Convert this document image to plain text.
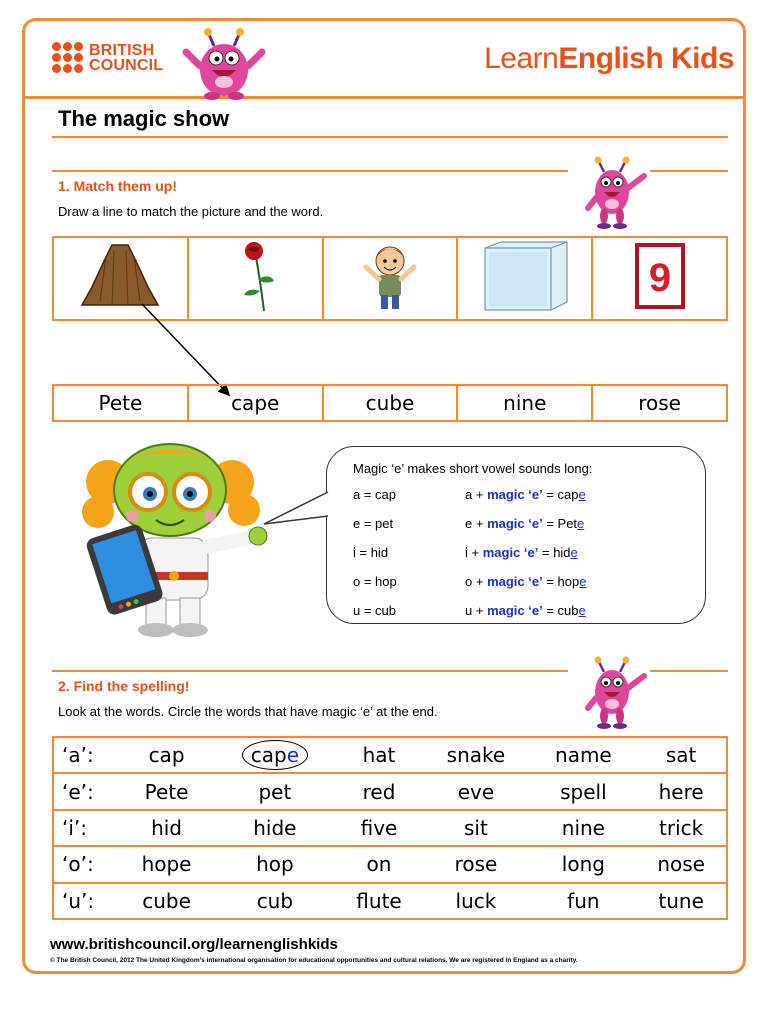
BRITISH
COUNCIL	LearnEnglish Kids
The magic show
1. Match them up!
Draw a line to match the picture and the word.

9
Pete	cape	cube	nine	rose
Magic ‘e’ makes short vowel sounds long:
a = cap	a + magic ‘e’ = cape
e = pet	e + magic ‘e’ = Pete
i = hid	i + magic ‘e’ = hide
o = hop	o + magic ‘e’ = hope
u = cub	u + magic ‘e’ = cube
2. Find the spelling!
Look at the words. Circle the words that have magic ‘e’ at the end.
‘a’:	cap	cape	hat	snake	name	sat
‘e’:	Pete	pet	red	eve	spell	here
‘i’:	hid	hide	five	sit	nine	trick
‘o’:	hope	hop	on	rose	long	nose
‘u’:	cube	cub	flute	luck	fun	tune
www.britishcouncil.org/learnenglishkids
© The British Council, 2012 The United Kingdom’s international organisation for educational opportunities and cultural relations. We are registered in England as a charity.
